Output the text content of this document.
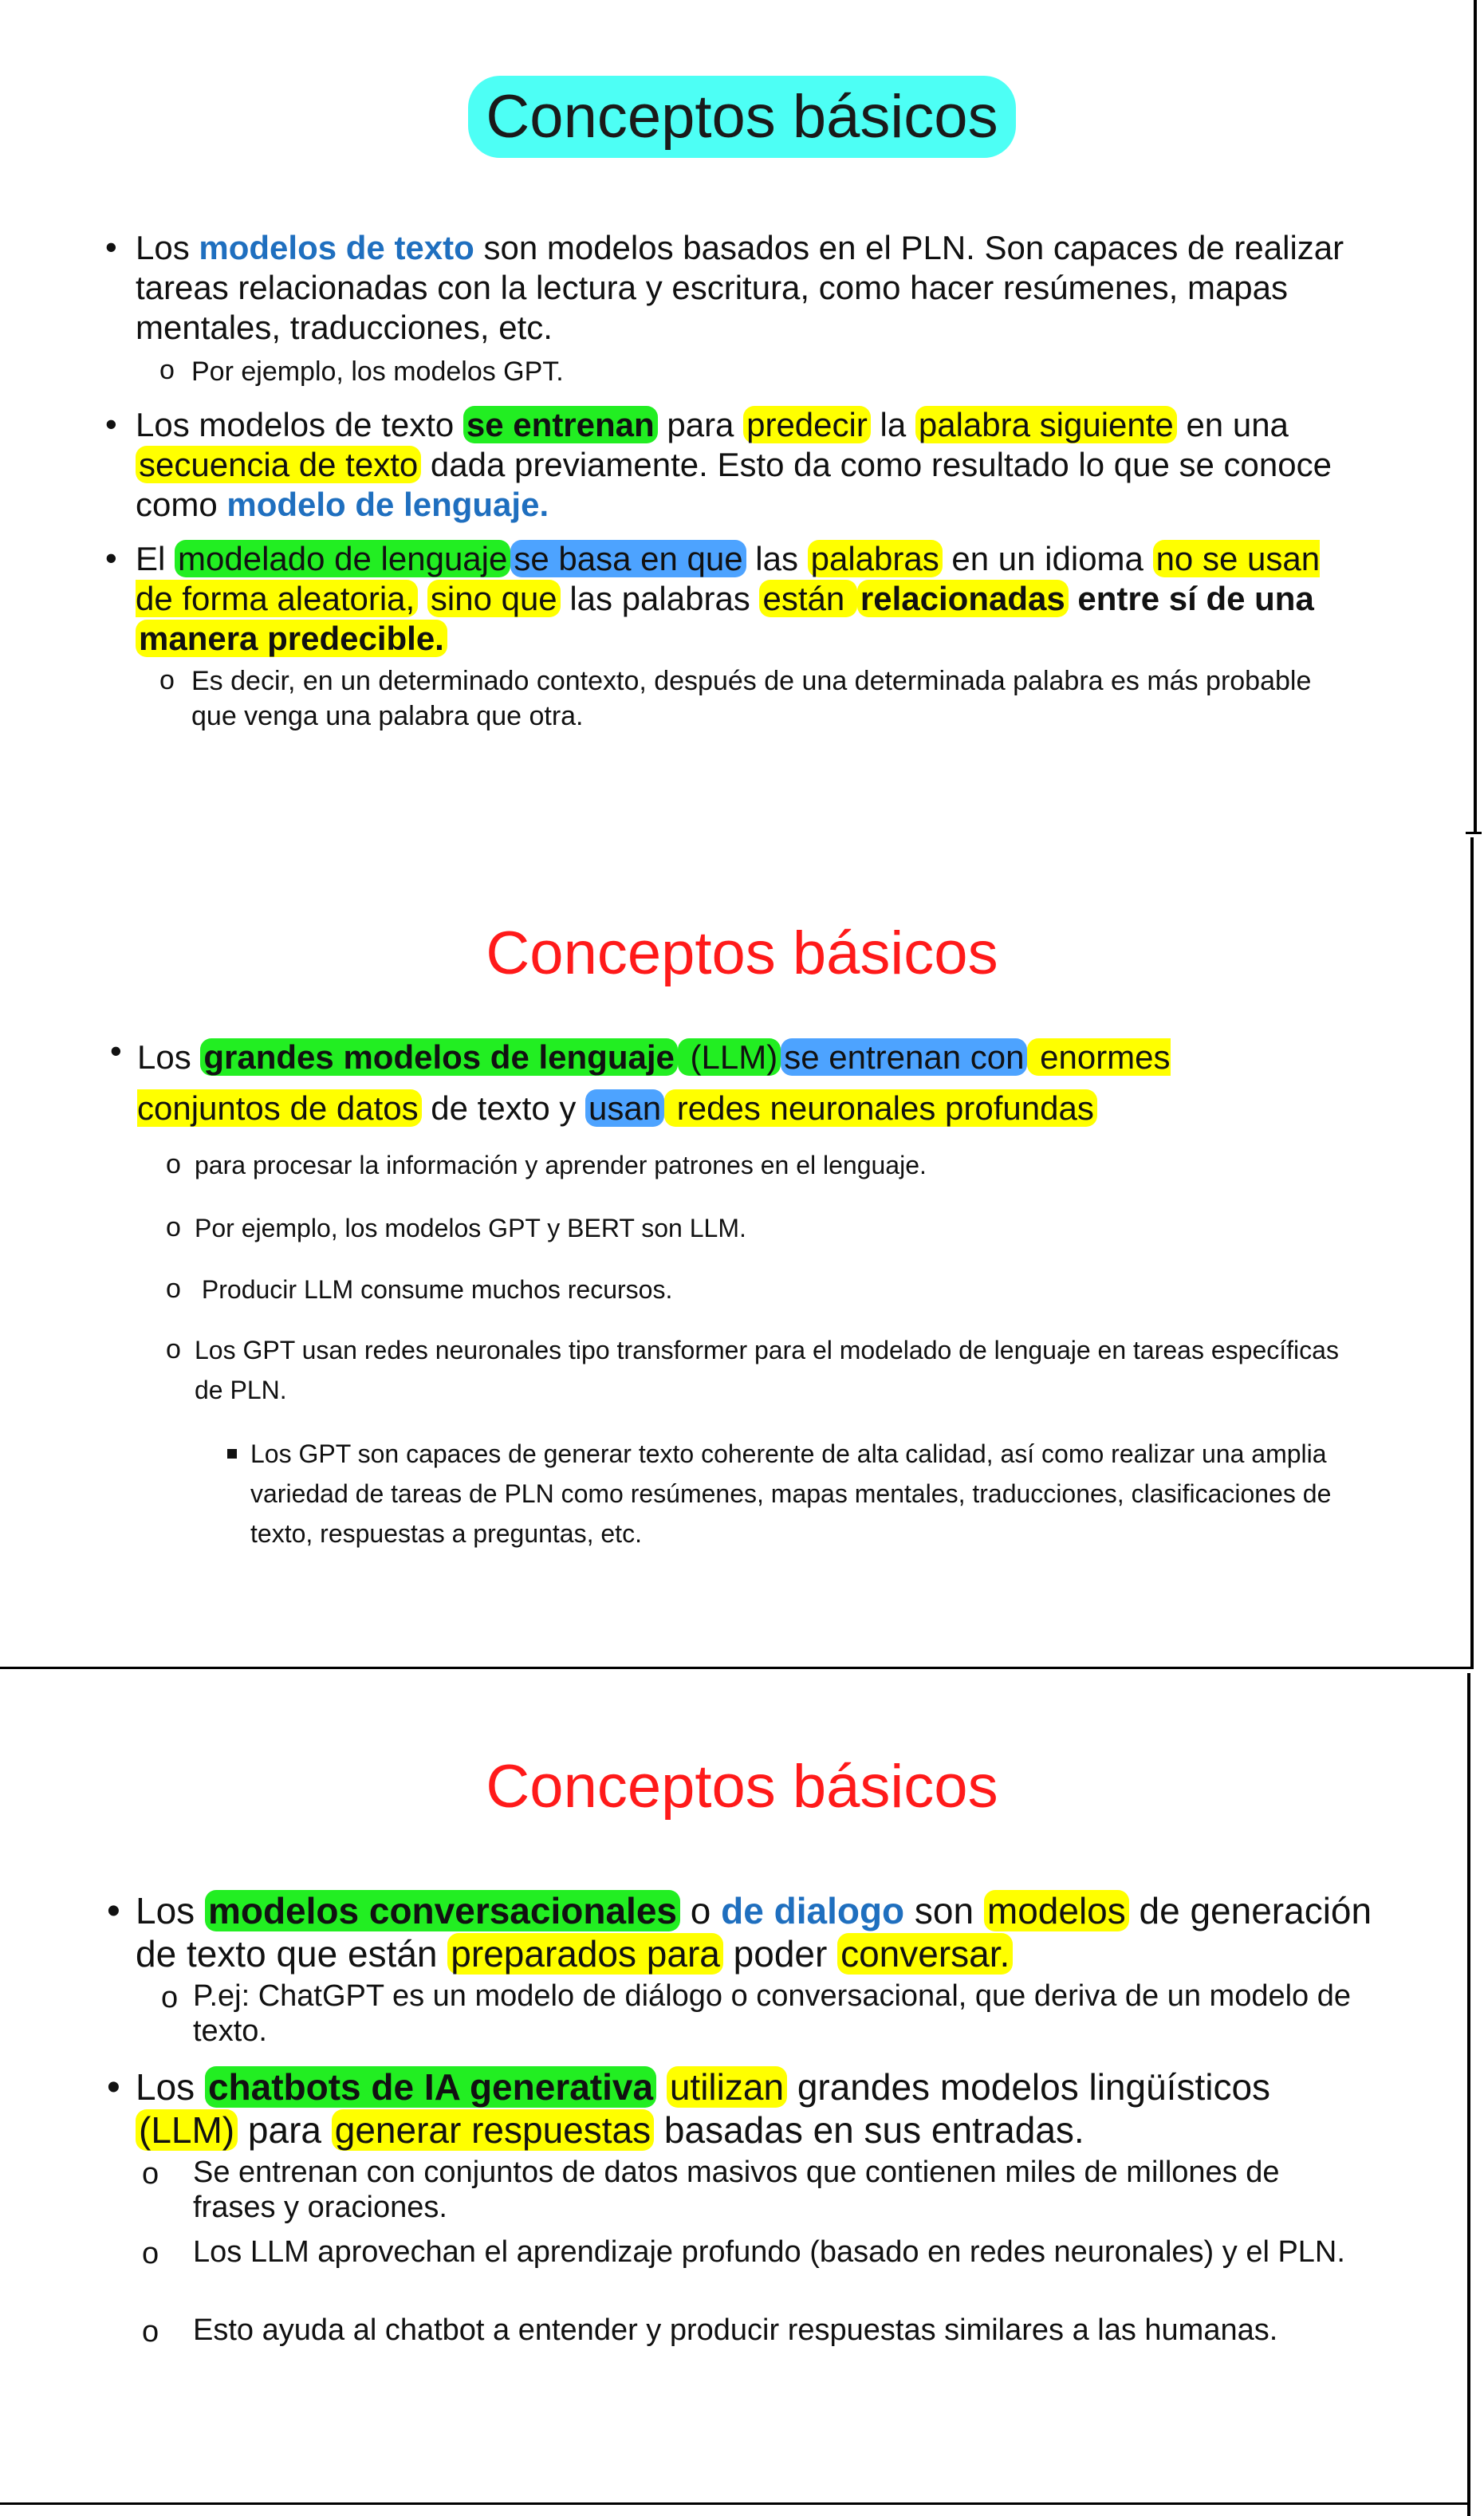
Conceptos básicos
• Los modelos de texto son modelos basados en el PLN. Son capaces de realizar tareas relacionadas con la lectura y escritura, como hacer resúmenes, mapas mentales, traducciones, etc.
o Por ejemplo, los modelos GPT.
• Los modelos de texto se entrenan para predecir la palabra siguiente en una secuencia de texto dada previamente. Esto da como resultado lo que se conoce como modelo de lenguaje.
• El modelado de lenguaje se basa en que las palabras en un idioma no se usan de forma aleatoria, sino que las palabras están relacionadas entre sí de una manera predecible.
o Es decir, en un determinado contexto, después de una determinada palabra es más probable que venga una palabra que otra.
Conceptos básicos
• Los grandes modelos de lenguaje (LLM) se entrenan con enormes conjuntos de datos de texto y usan redes neuronales profundas
o para procesar la información y aprender patrones en el lenguaje.
o Por ejemplo, los modelos GPT y BERT son LLM.
o Producir LLM consume muchos recursos.
o Los GPT usan redes neuronales tipo transformer para el modelado de lenguaje en tareas específicas de PLN.
Los GPT son capaces de generar texto coherente de alta calidad, así como realizar una amplia variedad de tareas de PLN como resúmenes, mapas mentales, traducciones, clasificaciones de texto, respuestas a preguntas, etc.
Conceptos básicos
• Los modelos conversacionales o de dialogo son modelos de generación de texto que están preparados para poder conversar.
o P.ej: ChatGPT es un modelo de diálogo o conversacional, que deriva de un modelo de texto.
• Los chatbots de IA generativa utilizan grandes modelos lingüísticos (LLM) para generar respuestas basadas en sus entradas.
o Se entrenan con conjuntos de datos masivos que contienen miles de millones de frases y oraciones.
o Los LLM aprovechan el aprendizaje profundo (basado en redes neuronales) y el PLN.
o Esto ayuda al chatbot a entender y producir respuestas similares a las humanas.
